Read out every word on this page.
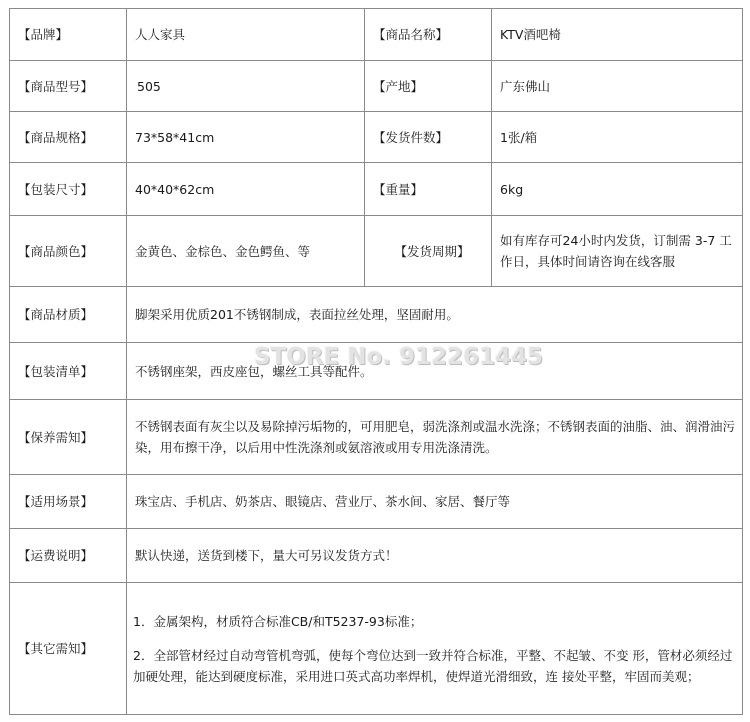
【品牌】	人人家具	【商品名称】	KTV酒吧椅
【商品型号】	505	【产地】	广东佛山
【商品规格】	73*58*41cm	【发货件数】	1张/箱
【包装尺寸】	40*40*62cm	【重量】	6kg
【商品颜色】	金黄色、金棕色、金色鳄鱼、等	【发货周期】	如有库存可24小时内发货，订制需 3-7 工作日，具体时间请咨询在线客服
【商品材质】	脚架采用优质201不锈钢制成，表面拉丝处理，坚固耐用。		
【包装清单】	不锈钢座架，西皮座包，螺丝工具等配件。		
【保养需知】	不锈钢表面有灰尘以及易除掉污垢物的，可用肥皂，弱洗涤剂或温水洗涤；不锈钢表面的油脂、油、润滑油污染，用布擦干净，以后用中性洗涤剂或氨溶液或用专用洗涤清洗。		
【适用场景】	珠宝店、手机店、奶茶店、眼镜店、营业厅、茶水间、家居、餐厅等		
【运费说明】	默认快递，送货到楼下，量大可另议发货方式！		
【其它需知】	1．金属架构，材质符合标准CB/和T5237-93标准；

2．全部管材经过自动弯管机弯弧，使每个弯位达到一致并符合标准，平整、不起皱、不变 形，管材必须经过加硬处理，能达到硬度标准，采用进口英式高功率焊机，使焊道光滑细致，连 接处平整，牢固而美观；		

STORE No. 912261445
